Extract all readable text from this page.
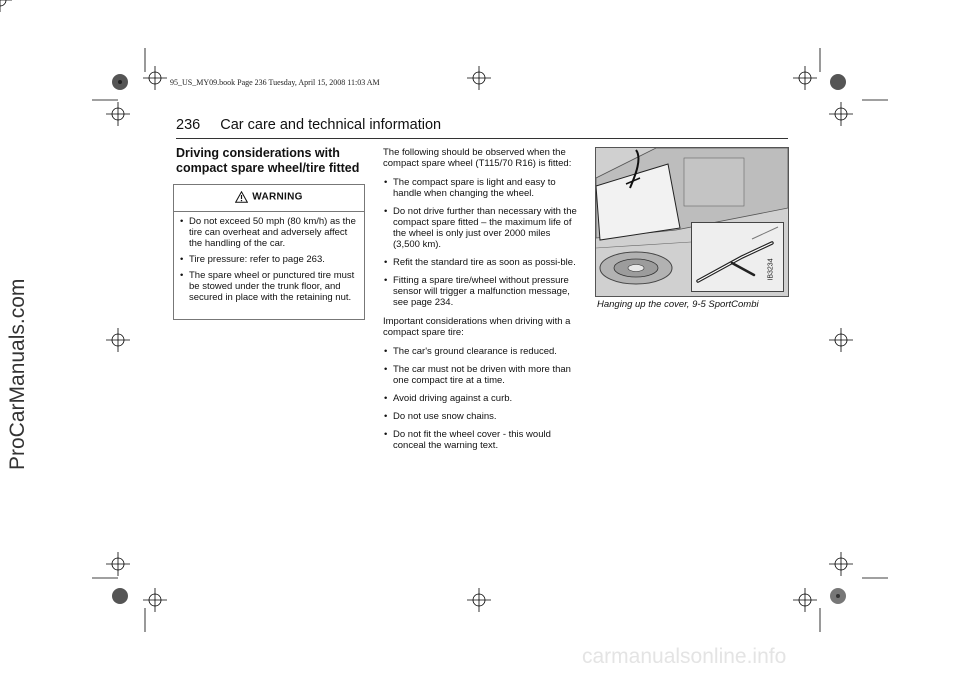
95_US_MY09.book Page 236 Tuesday, April 15, 2008 11:03 AM
236 Car care and technical information
ProCarManuals.com
Driving considerations with compact spare wheel/tire fitted
WARNING
• Do not exceed 50 mph (80 km/h) as the tire can overheat and adversely affect the handling of the car.
• Tire pressure: refer to page 263.
• The spare wheel or punctured tire must be stowed under the trunk floor, and secured in place with the retaining nut.

The following should be observed when the compact spare wheel (T115/70 R16) is fitted:

• The compact spare is light and easy to handle when changing the wheel.
• Do not drive further than necessary with the compact spare fitted – the maximum life of the wheel is only just over 2000 miles (3,500 km).
• Refit the standard tire as soon as possi-ble.
• Fitting a spare tire/wheel without pressure sensor will trigger a malfunction message, see page 234.

Important considerations when driving with a compact spare tire:

• The car's ground clearance is reduced.
• The car must not be driven with more than one compact tire at a time.
• Avoid driving against a curb.
• Do not use snow chains.
• Do not fit the wheel cover - this would conceal the warning text.
IB3234
Hanging up the cover, 9-5 SportCombi
carmanualsonline.info
